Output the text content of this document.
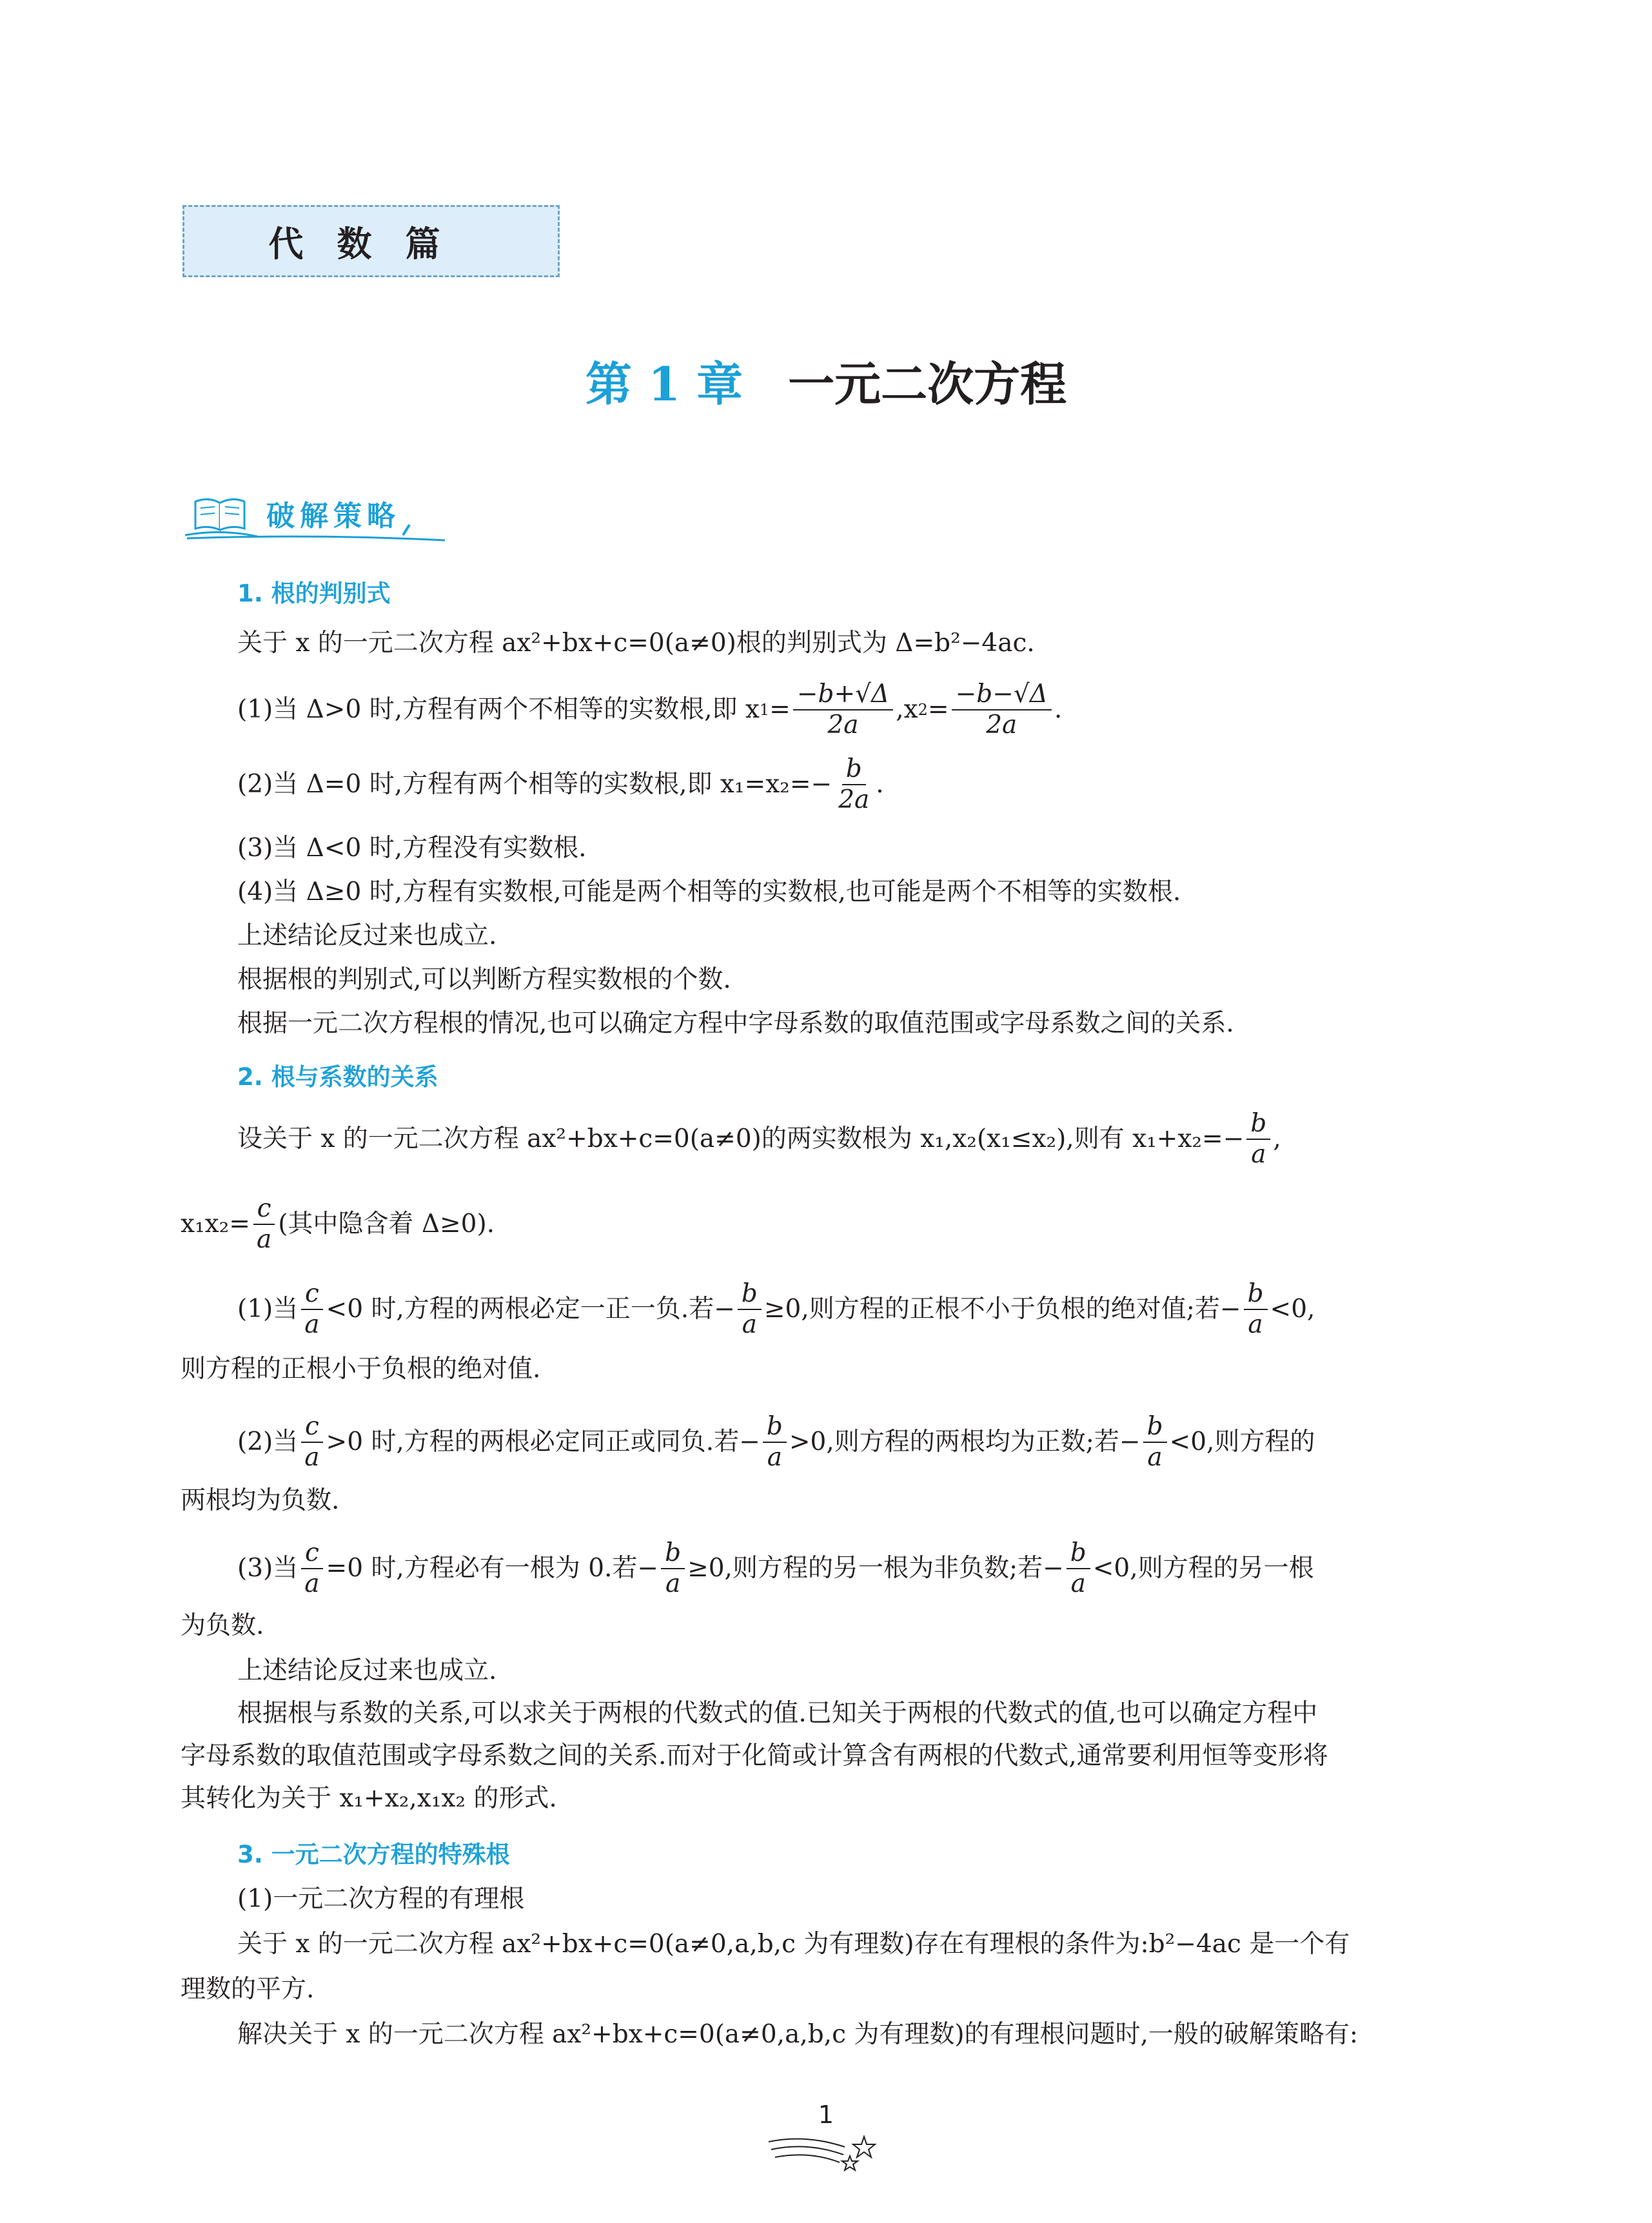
代数篇
第 1 章 一元二次方程
破解策略
1. 根的判别式
关于 x 的一元二次方程 ax²+bx+c=0(a≠0)根的判别式为 Δ=b²−4ac.
(1)当 Δ>0 时,方程有两个不相等的实数根,即 x $1 = \frac{-b+√\Delta}{2a} ,x$ $2 = \frac{-b-√\Delta}{2a}$ .
(2)当 Δ=0 时,方程有两个相等的实数根,即 $x_1=x_2=- \frac{b}{2a}$ .
(3)当 Δ<0 时,方程没有实数根.
(4)当 Δ≥0 时,方程有实数根,可能是两个相等的实数根,也可能是两个不相等的实数根.
上述结论反过来也成立.
根据根的判别式,可以判断方程实数根的个数.
根据一元二次方程根的情况,也可以确定方程中字母系数的取值范围或字母系数之间的关系.
2. 根与系数的关系
设关于 x 的一元二次方程 ax²+bx+c=0(a≠0)的两实数根为 x₁,x₂(x₁≤x₂),则有 $x_1+x_2=- \frac{b}{a}$ ,
$x_1x_2= \frac{c}{a}$ (其中隐含着 Δ≥0).
(1)当 $\frac{c}{a} <0$ 时,方程的两根必定一正一负.若− $\frac{b}{a} \ge 0$,则方程的正根不小于负根的绝对值;若− $\frac{b}{a} <0$,
则方程的正根小于负根的绝对值.
(2)当 $\frac{c}{a} >0$ 时,方程的两根必定同正或同负.若− $\frac{b}{a} >0$,则方程的两根均为正数;若− $\frac{b}{a} <0$,则方程的
两根均为负数.
(3)当 $\frac{c}{a} =0$ 时,方程必有一根为 0.若− $\frac{b}{a} \ge 0$,则方程的另一根为非负数;若− $\frac{b}{a} <0$,则方程的另一根
为负数.
上述结论反过来也成立.
根据根与系数的关系,可以求关于两根的代数式的值.已知关于两根的代数式的值,也可以确定方程中
字母系数的取值范围或字母系数之间的关系.而对于化简或计算含有两根的代数式,通常要利用恒等变形将
其转化为关于 x₁+x₂,x₁x₂ 的形式.
3. 一元二次方程的特殊根
(1)一元二次方程的有理根
关于 x 的一元二次方程 ax²+bx+c=0(a≠0,a,b,c 为有理数)存在有理根的条件为:b²−4ac 是一个有
理数的平方.
解决关于 x 的一元二次方程 ax²+bx+c=0(a≠0,a,b,c 为有理数)的有理根问题时,一般的破解策略有:
1
